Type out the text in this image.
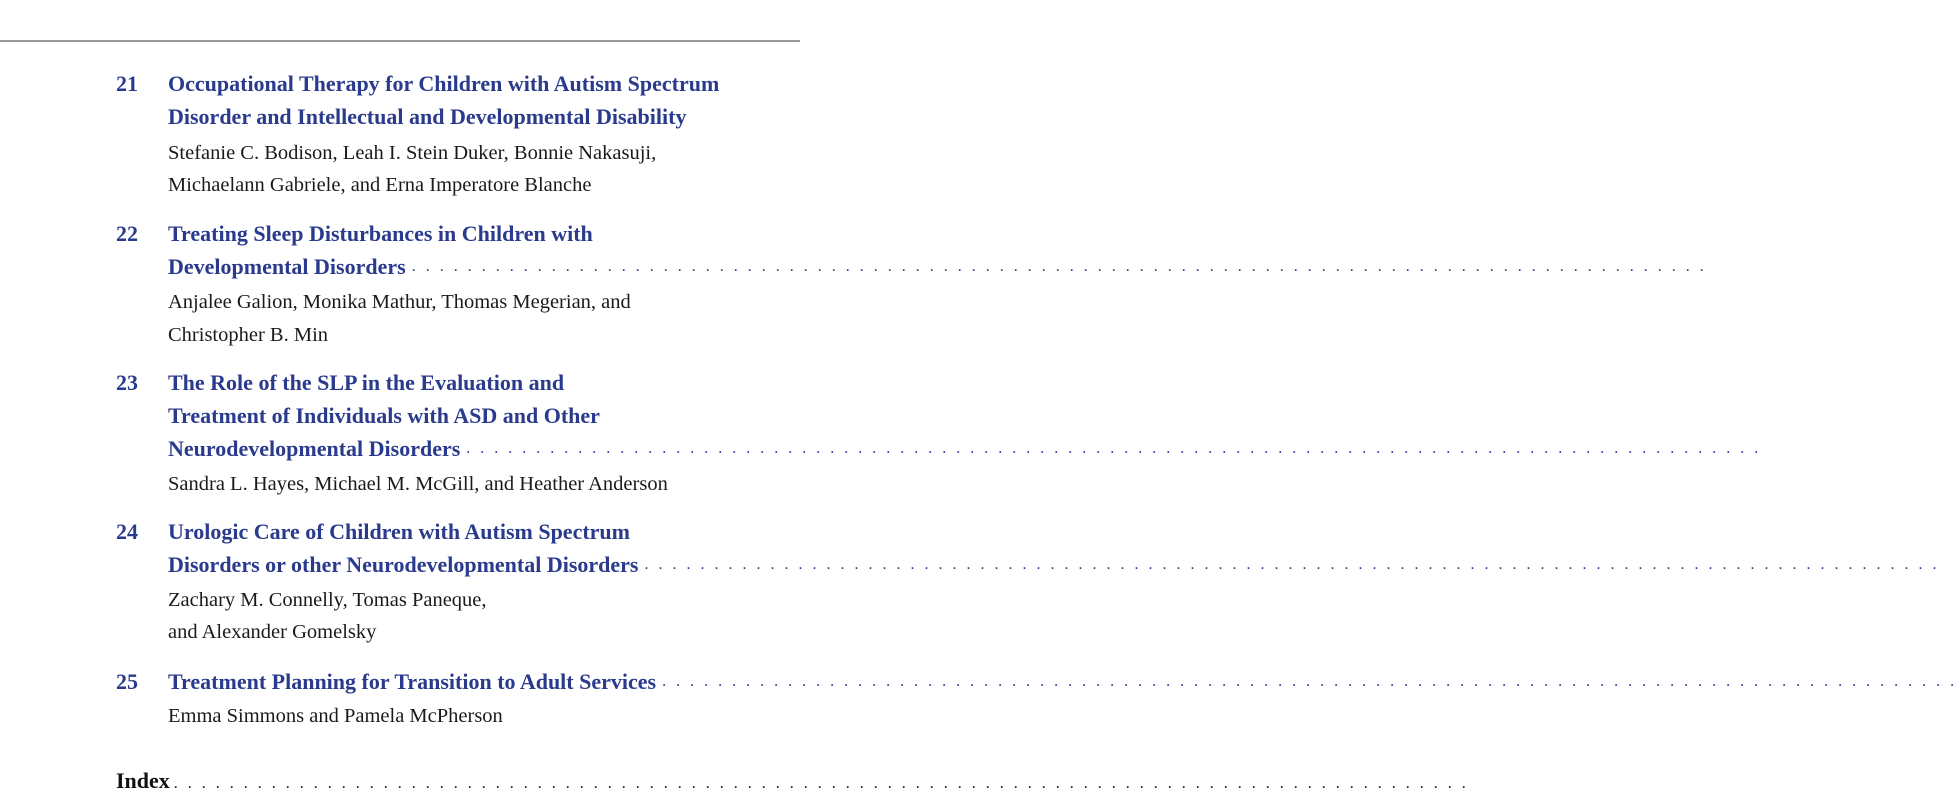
21 Occupational Therapy for Children with Autism Spectrum
Disorder and Intellectual and Developmental Disability
Stefanie C. Bodison, Leah I. Stein Duker, Bonnie Nakasuji,
Michaelann Gabriele, and Erna Imperatore Blanche
22 Treating Sleep Disturbances in Children with
Developmental Disorders . . . . . . . . . . . . . . . . . . . . . . . . . . . . . . . . . . . . . . . . . . . . . . . . . . . . . . . . . . . . . . . . . . . . . . . . . . . . . . . . . . . . . . . . . . . . .
Anjalee Galion, Monika Mathur, Thomas Megerian, and
Christopher B. Min
23 The Role of the SLP in the Evaluation and
Treatment of Individuals with ASD and Other
Neurodevelopmental Disorders . . . . . . . . . . . . . . . . . . . . . . . . . . . . . . . . . . . . . . . . . . . . . . . . . . . . . . . . . . . . . . . . . . . . . . . . . . . . . . . . . . . . . . . . . . . . .
Sandra L. Hayes, Michael M. McGill, and Heather Anderson
24 Urologic Care of Children with Autism Spectrum
Disorders or other Neurodevelopmental Disorders . . . . . . . . . . . . . . . . . . . . . . . . . . . . . . . . . . . . . . . . . . . . . . . . . . . . . . . . . . . . . . . . . . . . . . . . . . . . . . . . . . . . . . . . . . . . .
Zachary M. Connelly, Tomas Paneque,
and Alexander Gomelsky
25 Treatment Planning for Transition to Adult Services . . . . . . . . . . . . . . . . . . . . . . . . . . . . . . . . . . . . . . . . . . . . . . . . . . . . . . . . . . . . . . . . . . . . . . . . . . . . . . . . . . . . . . . . . . . . .
Emma Simmons and Pamela McPherson
Index . . . . . . . . . . . . . . . . . . . . . . . . . . . . . . . . . . . . . . . . . . . . . . . . . . . . . . . . . . . . . . . . . . . . . . . . . . . . . . . . . . . . . . . . . . . . .
